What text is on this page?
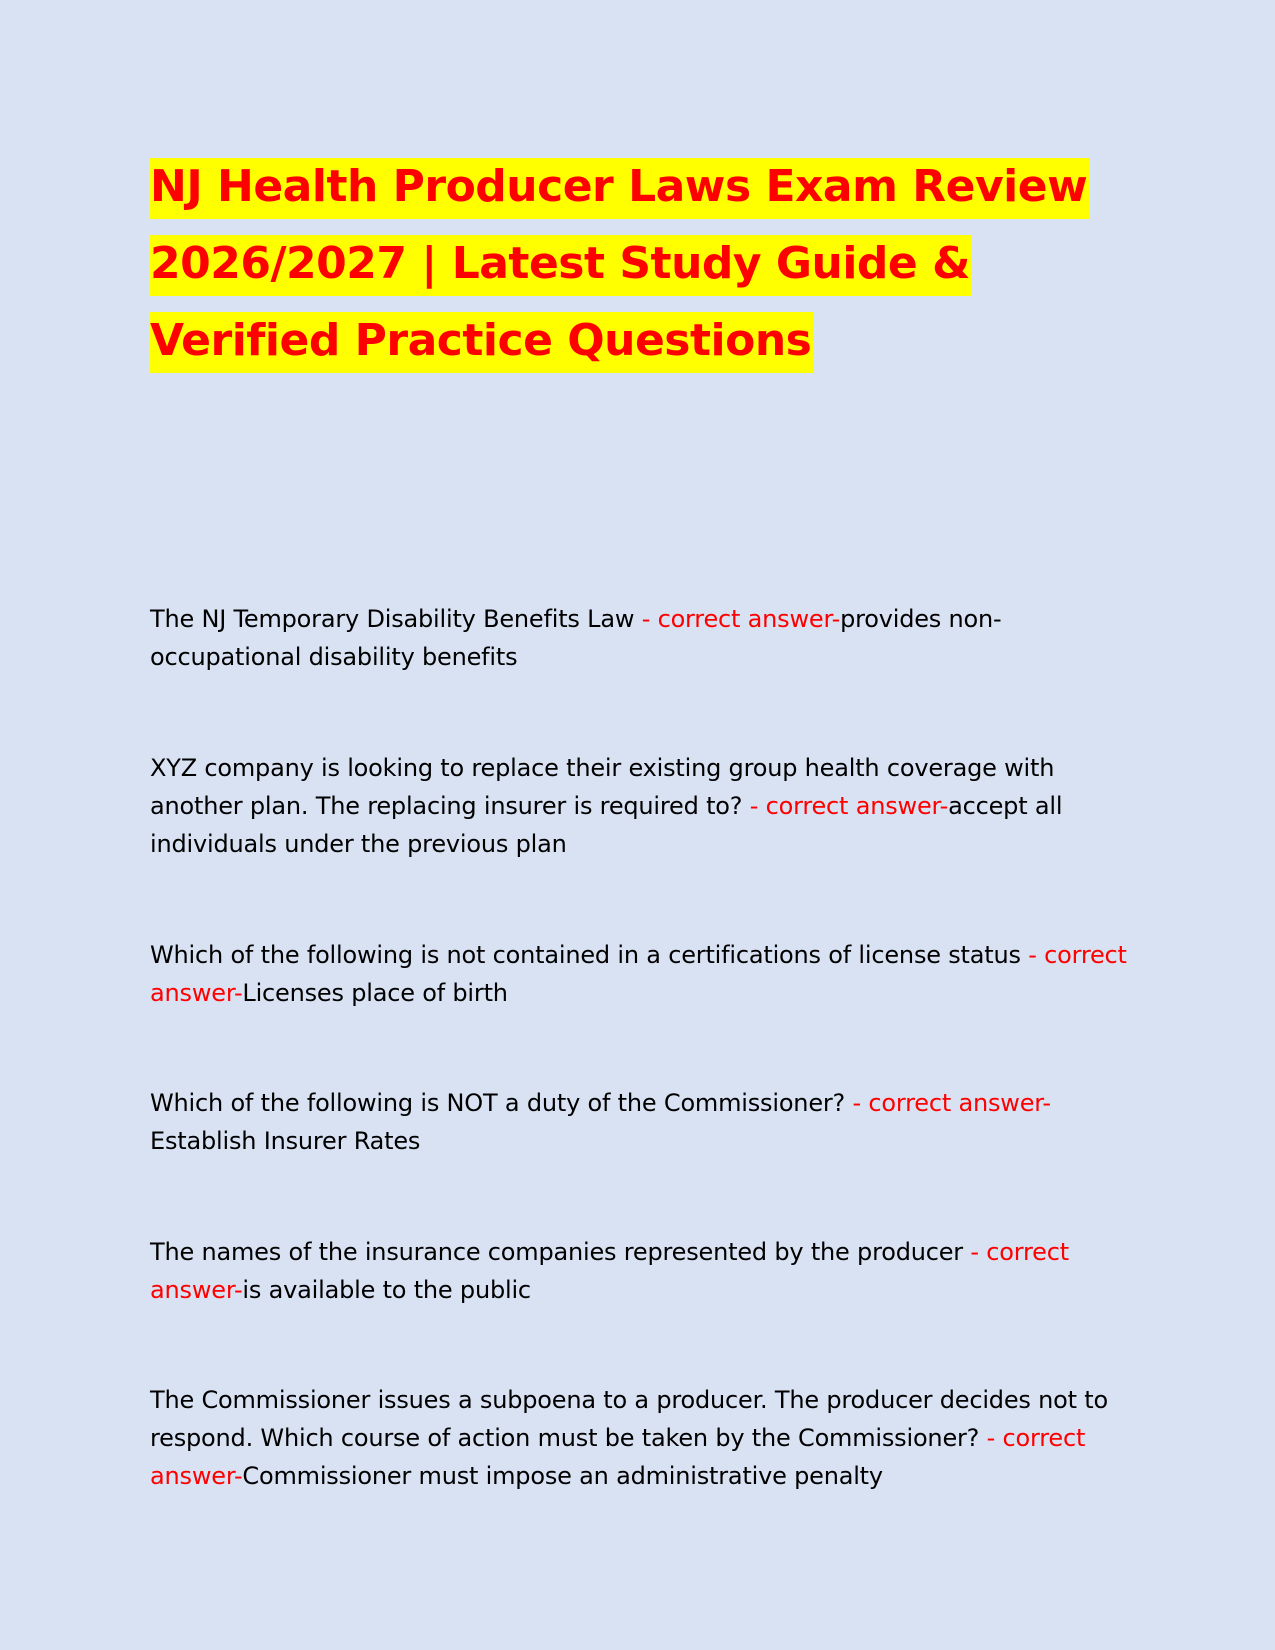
NJ Health Producer Laws Exam Review
2026/2027 | Latest Study Guide &
Verified Practice Questions

The NJ Temporary Disability Benefits Law - correct answer-provides non-occupational disability benefits

XYZ company is looking to replace their existing group health coverage with another plan. The replacing insurer is required to? - correct answer-accept all individuals under the previous plan

Which of the following is not contained in a certifications of license status - correct answer-Licenses place of birth

Which of the following is NOT a duty of the Commissioner? - correct answer-Establish Insurer Rates

The names of the insurance companies represented by the producer - correct answer-is available to the public

The Commissioner issues a subpoena to a producer. The producer decides not to respond. Which course of action must be taken by the Commissioner? - correct answer-Commissioner must impose an administrative penalty
